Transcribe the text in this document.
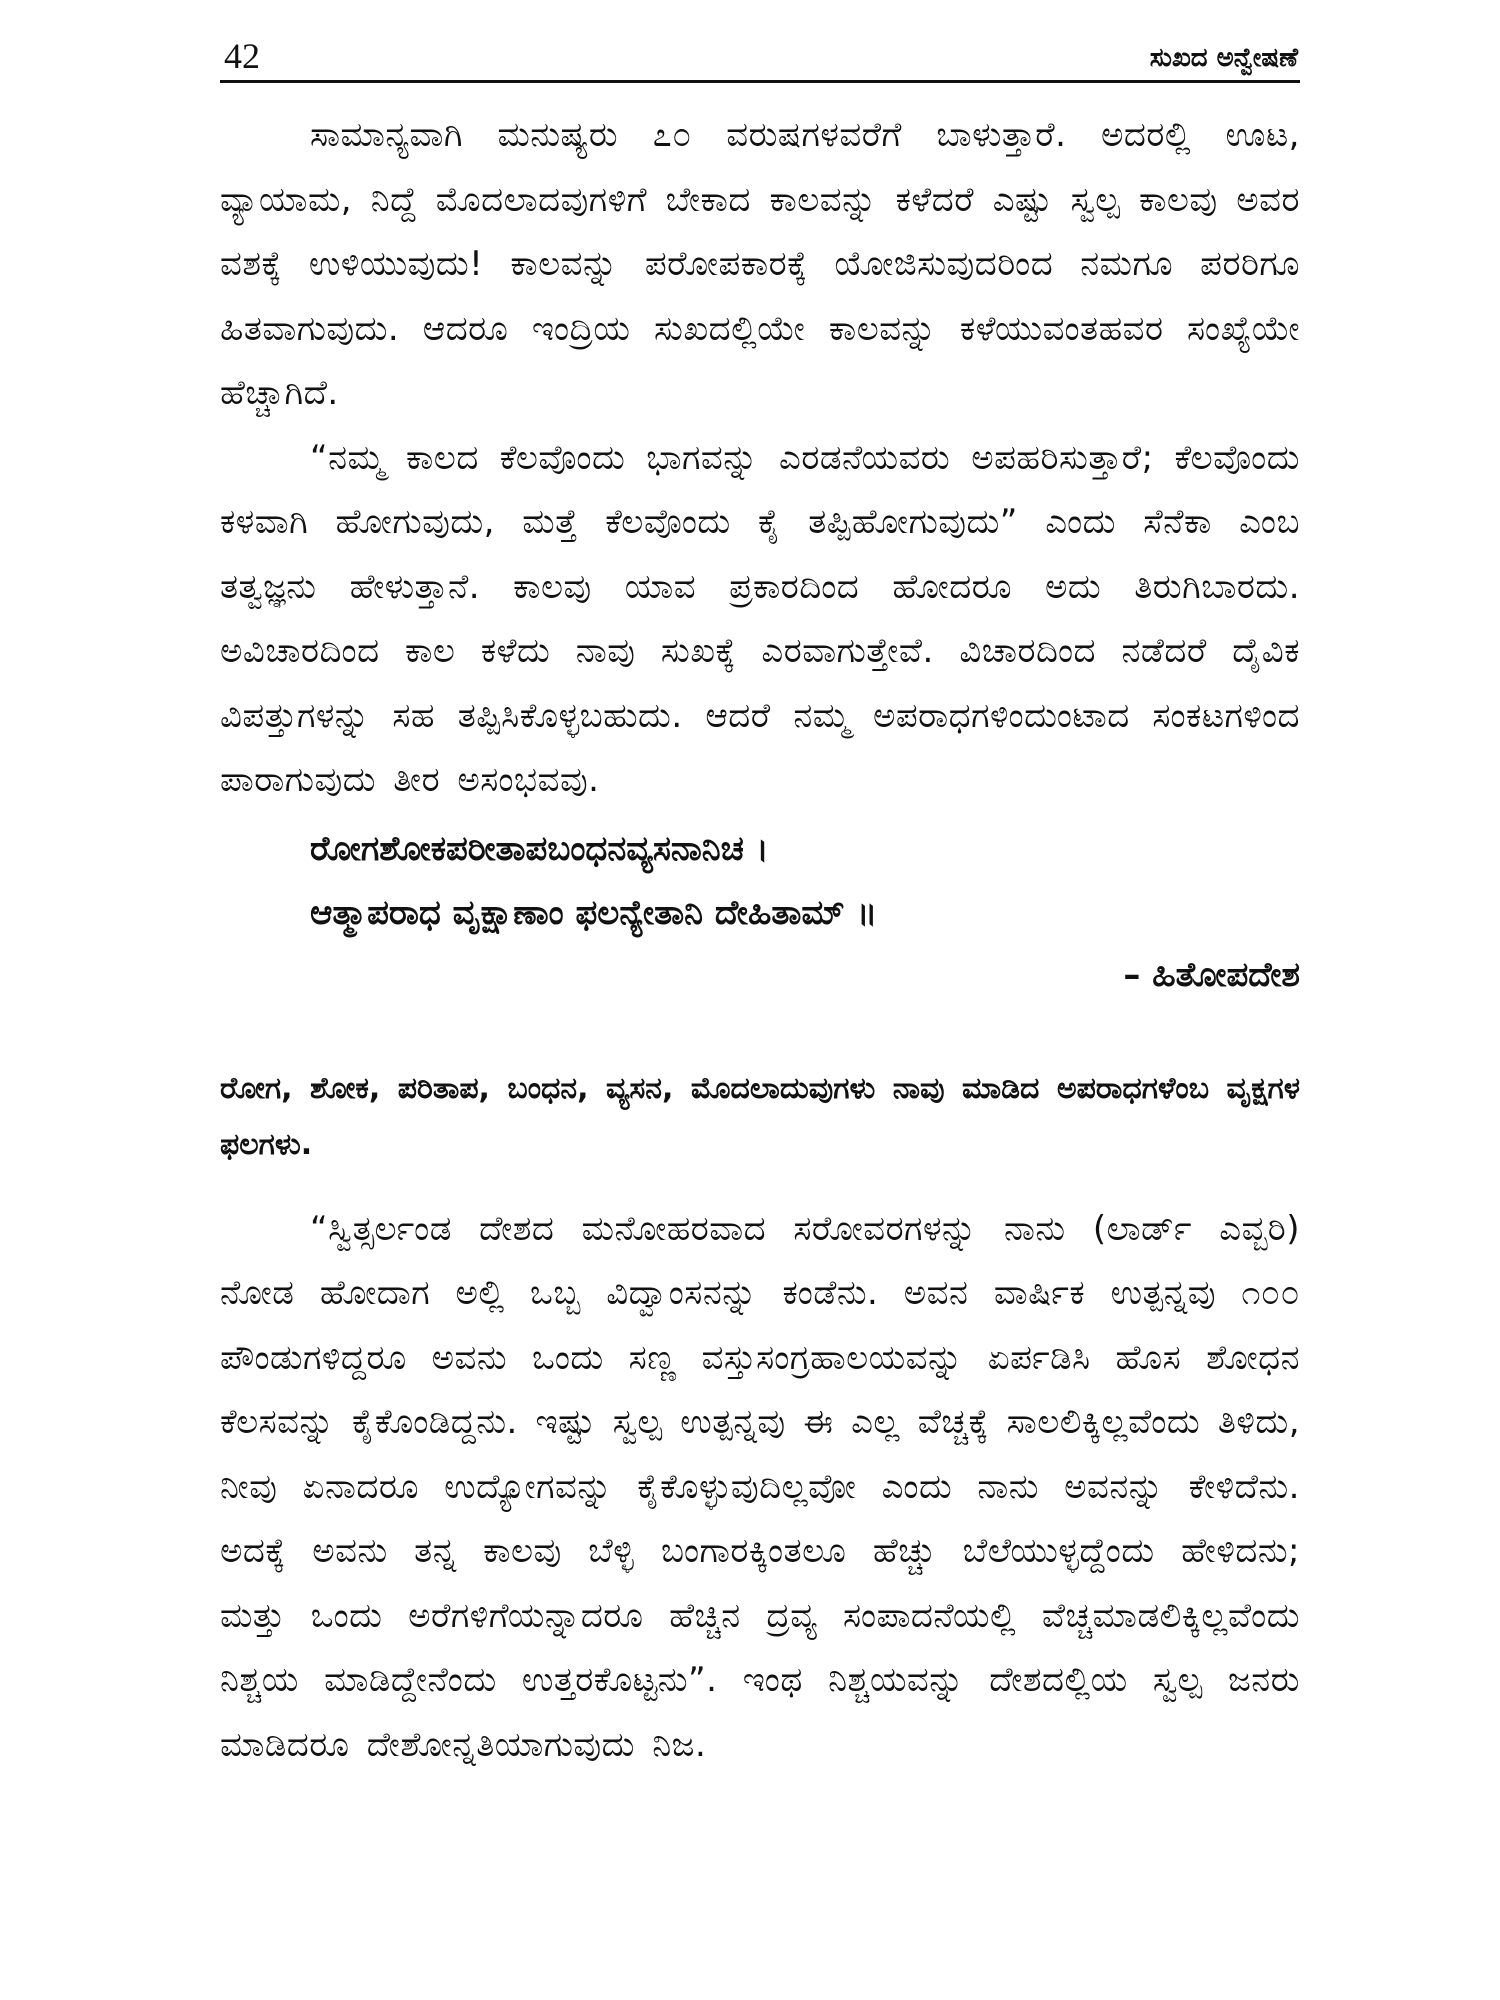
42	ಸುಖದ ಅನ್ವೇಷಣೆ

ಸಾಮಾನ್ಯವಾಗಿ ಮನುಷ್ಯರು ೭೦ ವರುಷಗಳವರೆಗೆ ಬಾಳುತ್ತಾರೆ. ಅದರಲ್ಲಿ ಊಟ, ವ್ಯಾಯಾಮ, ನಿದ್ದೆ ಮೊದಲಾದವುಗಳಿಗೆ ಬೇಕಾದ ಕಾಲವನ್ನು ಕಳೆದರೆ ಎಷ್ಟು ಸ್ವಲ್ಪ ಕಾಲವು ಅವರ ವಶಕ್ಕೆ ಉಳಿಯುವುದು! ಕಾಲವನ್ನು ಪರೋಪಕಾರಕ್ಕೆ ಯೋಜಿಸುವುದರಿಂದ ನಮಗೂ ಪರರಿಗೂ ಹಿತವಾಗುವುದು. ಆದರೂ ಇಂದ್ರಿಯ ಸುಖದಲ್ಲಿಯೇ ಕಾಲವನ್ನು ಕಳೆಯುವಂತಹವರ ಸಂಖ್ಯೆಯೇ ಹೆಚ್ಚಾಗಿದೆ.

“ನಮ್ಮ ಕಾಲದ ಕೆಲವೊಂದು ಭಾಗವನ್ನು ಎರಡನೆಯವರು ಅಪಹರಿಸುತ್ತಾರೆ; ಕೆಲವೊಂದು ಕಳವಾಗಿ ಹೋಗುವುದು, ಮತ್ತೆ ಕೆಲವೊಂದು ಕೈ ತಪ್ಪಿಹೋಗುವುದು” ಎಂದು ಸೆನೆಕಾ ಎಂಬ ತತ್ವಜ್ಞನು ಹೇಳುತ್ತಾನೆ. ಕಾಲವು ಯಾವ ಪ್ರಕಾರದಿಂದ ಹೋದರೂ ಅದು ತಿರುಗಿಬಾರದು. ಅವಿಚಾರದಿಂದ ಕಾಲ ಕಳೆದು ನಾವು ಸುಖಕ್ಕೆ ಎರವಾಗುತ್ತೇವೆ. ವಿಚಾರದಿಂದ ನಡೆದರೆ ದೈವಿಕ ವಿಪತ್ತುಗಳನ್ನು ಸಹ ತಪ್ಪಿಸಿಕೊಳ್ಳಬಹುದು. ಆದರೆ ನಮ್ಮ ಅಪರಾಧಗಳಿಂದುಂಟಾದ ಸಂಕಟಗಳಿಂದ ಪಾರಾಗುವುದು ತೀರ ಅಸಂಭವವು.

ರೋಗಶೋಕಪರೀತಾಪಬಂಧನವ್ಯಸನಾನಿಚ ।
ಆತ್ಮಾಪರಾಧ ವೃಕ್ಷಾಣಾಂ ಫಲನ್ಯೇತಾನಿ ದೇಹಿತಾಮ್ ॥
– ಹಿತೋಪದೇಶ

ರೋಗ, ಶೋಕ, ಪರಿತಾಪ, ಬಂಧನ, ವ್ಯಸನ, ಮೊದಲಾದುವುಗಳು ನಾವು ಮಾಡಿದ ಅಪರಾಧಗಳೆಂಬ ವೃಕ್ಷಗಳ ಫಲಗಳು.

“ಸ್ವಿತ್ಸರ್ಲಂಡ ದೇಶದ ಮನೋಹರವಾದ ಸರೋವರಗಳನ್ನು ನಾನು (ಲಾರ್ಡ್ ಎವ್ಬರಿ) ನೋಡ ಹೋದಾಗ ಅಲ್ಲಿ ಒಬ್ಬ ವಿದ್ವಾಂಸನನ್ನು ಕಂಡೆನು. ಅವನ ವಾರ್ಷಿಕ ಉತ್ಪನ್ನವು ೧೦೦ ಪೌಂಡುಗಳಿದ್ದರೂ ಅವನು ಒಂದು ಸಣ್ಣ ವಸ್ತುಸಂಗ್ರಹಾಲಯವನ್ನು ಏರ್ಪಡಿಸಿ ಹೊಸ ಶೋಧನ ಕೆಲಸವನ್ನು ಕೈಕೊಂಡಿದ್ದನು. ಇಷ್ಟು ಸ್ವಲ್ಪ ಉತ್ಪನ್ನವು ಈ ಎಲ್ಲ ವೆಚ್ಚಕ್ಕೆ ಸಾಲಲಿಕ್ಕಿಲ್ಲವೆಂದು ತಿಳಿದು, ನೀವು ಏನಾದರೂ ಉದ್ಯೋಗವನ್ನು ಕೈಕೊಳ್ಳುವುದಿಲ್ಲವೋ ಎಂದು ನಾನು ಅವನನ್ನು ಕೇಳಿದೆನು. ಅದಕ್ಕೆ ಅವನು ತನ್ನ ಕಾಲವು ಬೆಳ್ಳಿ ಬಂಗಾರಕ್ಕಿಂತಲೂ ಹೆಚ್ಚು ಬೆಲೆಯುಳ್ಳದ್ದೆಂದು ಹೇಳಿದನು; ಮತ್ತು ಒಂದು ಅರೆಗಳಿಗೆಯನ್ನಾದರೂ ಹೆಚ್ಚಿನ ದ್ರವ್ಯ ಸಂಪಾದನೆಯಲ್ಲಿ ವೆಚ್ಚಮಾಡಲಿಕ್ಕಿಲ್ಲವೆಂದು ನಿಶ್ಚಯ ಮಾಡಿದ್ದೇನೆಂದು ಉತ್ತರಕೊಟ್ಟನು”. ಇಂಥ ನಿಶ್ಚಯವನ್ನು ದೇಶದಲ್ಲಿಯ ಸ್ವಲ್ಪ ಜನರು ಮಾಡಿದರೂ ದೇಶೋನ್ನತಿಯಾಗುವುದು ನಿಜ.
